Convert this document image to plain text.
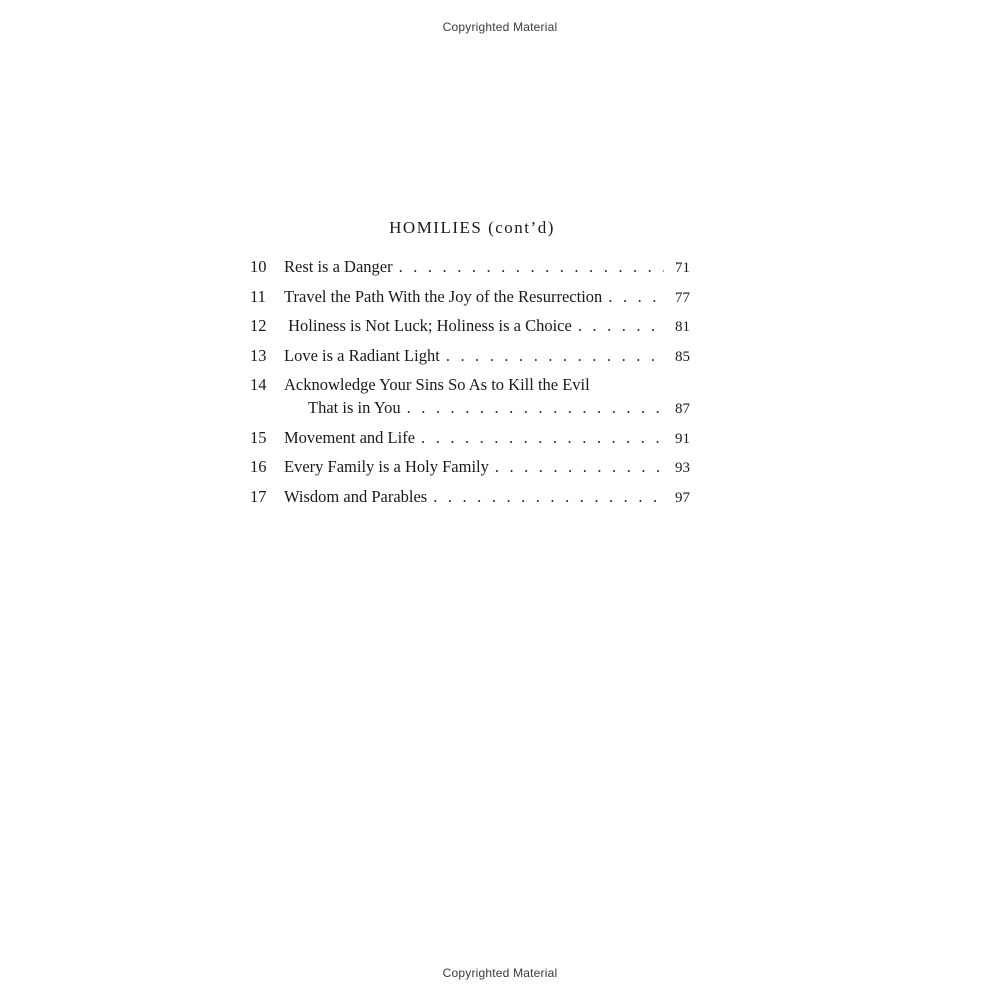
Copyrighted Material
HOMILIES (cont’d)
10	Rest is a Danger . . .	71
11	Travel the Path With the Joy of the Resurrection . . .	77
12	Holiness is Not Luck; Holiness is a Choice . . .	81
13	Love is a Radiant Light . . .	85
14	Acknowledge Your Sins So As to Kill the Evil
That is in You . . .	87
15	Movement and Life . . .	91
16	Every Family is a Holy Family . . .	93
17	Wisdom and Parables . . .	97
Copyrighted Material
